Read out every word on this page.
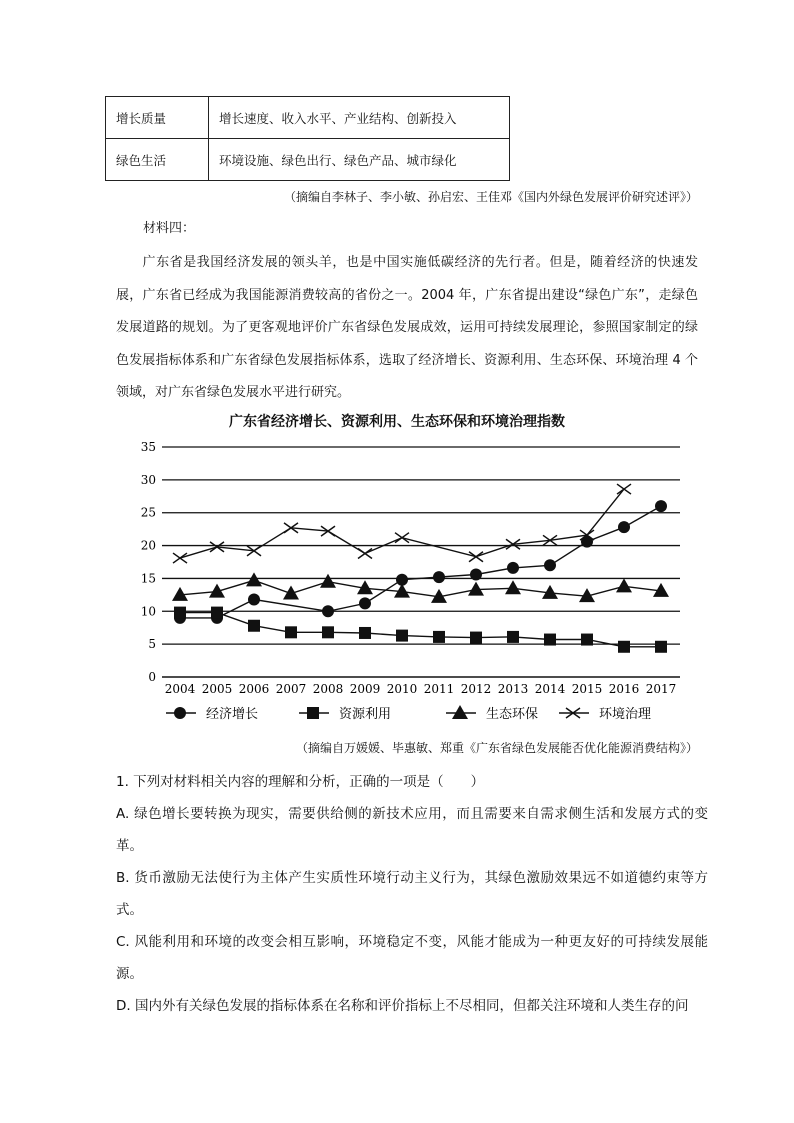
增长质量	增长速度、收入水平、产业结构、创新投入
绿色生活	环境设施、绿色出行、绿色产品、城市绿化
（摘编自李林子、李小敏、孙启宏、王佳邓《国内外绿色发展评价研究述评》）
材料四：
广东省是我国经济发展的领头羊，也是中国实施低碳经济的先行者。但是，随着经济的快速发展，广东省已经成为我国能源消费较高的省份之一。2004 年，广东省提出建设“绿色广东”，走绿色发展道路的规划。为了更客观地评价广东省绿色发展成效，运用可持续发展理论，参照国家制定的绿色发展指标体系和广东省绿色发展指标体系，选取了经济增长、资源利用、生态环保、环境治理 4 个领域，对广东省绿色发展水平进行研究。
广东省经济增长、资源利用、生态环保和环境治理指数
0
5
10
15
20
25
30
35
2004 2005 2006 2007 2008 2009 2010 2011 2012 2013 2014 2015 2016 2017
经济增长	资源利用	生态环保	环境治理
（摘编自万媛媛、毕惠敏、郑重《广东省绿色发展能否优化能源消费结构》）
1. 下列对材料相关内容的理解和分析，正确的一项是（　　）
A. 绿色增长要转换为现实，需要供给侧的新技术应用，而且需要来自需求侧生活和发展方式的变革。
B. 货币激励无法使行为主体产生实质性环境行动主义行为，其绿色激励效果远不如道德约束等方式。
C. 风能利用和环境的改变会相互影响，环境稳定不变，风能才能成为一种更友好的可持续发展能源。
D. 国内外有关绿色发展的指标体系在名称和评价指标上不尽相同，但都关注环境和人类生存的问
